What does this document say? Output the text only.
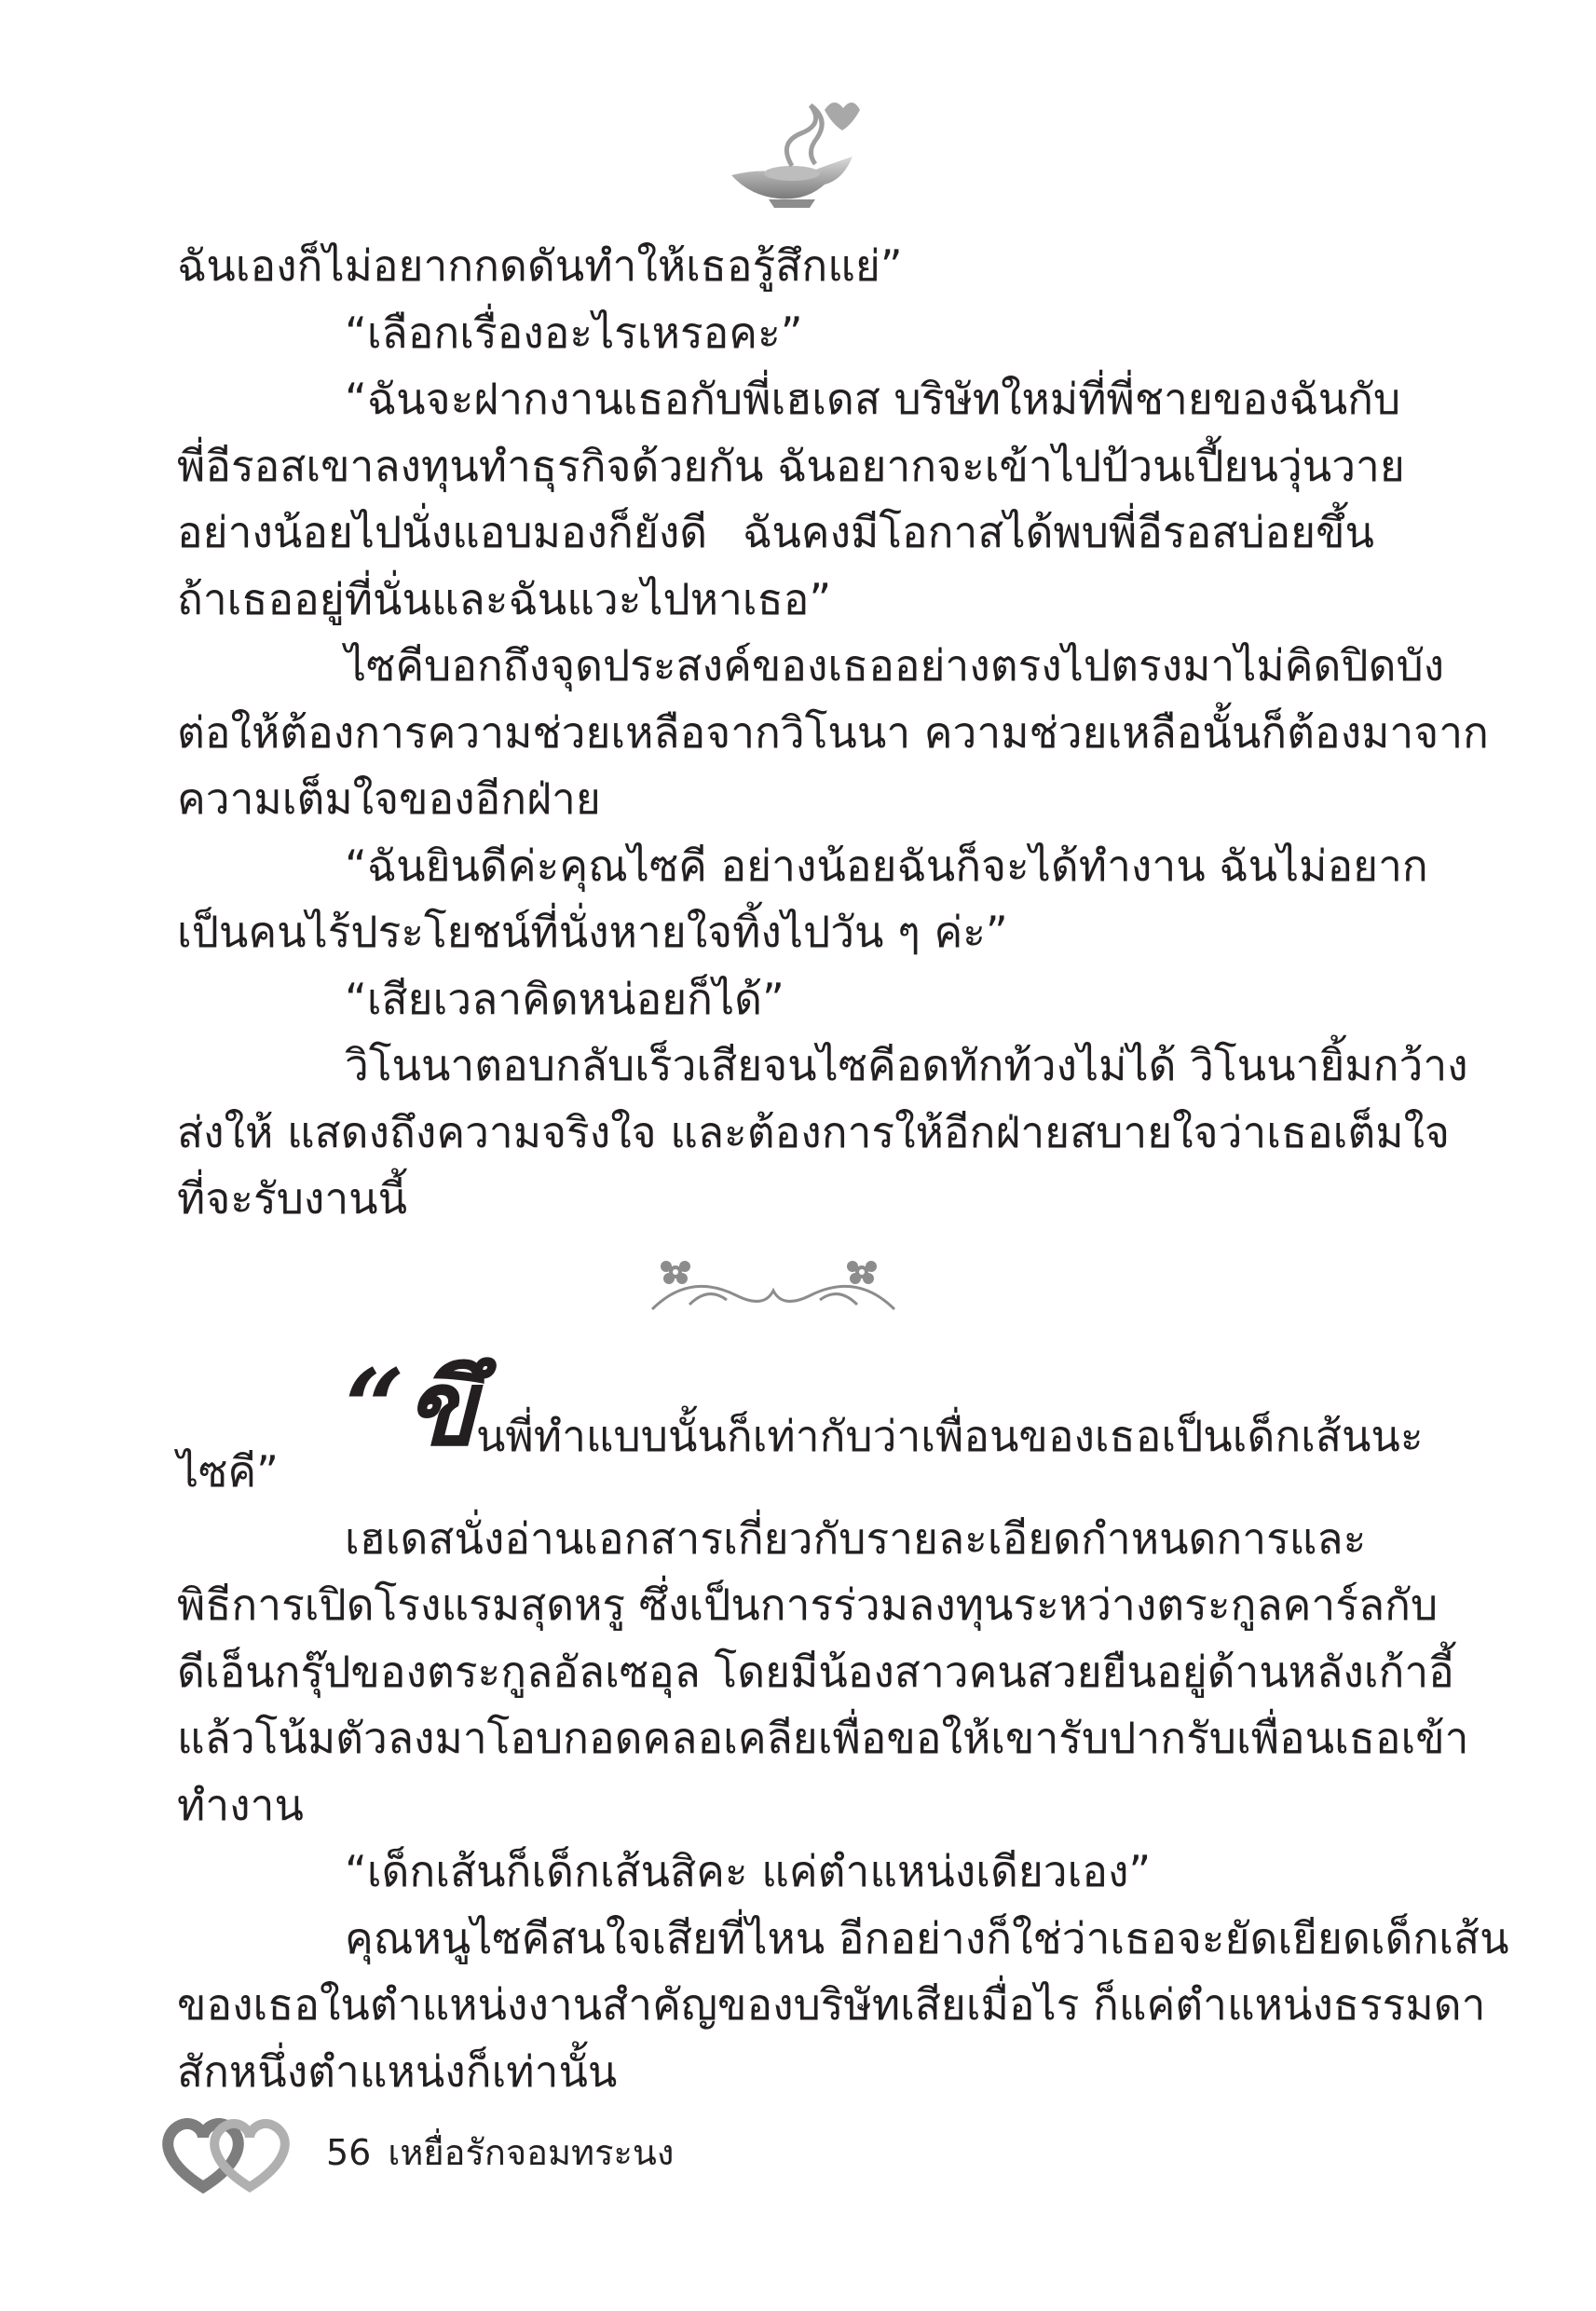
ฉันเองก็ไม่อยากกดดันทำให้เธอรู้สึกแย่”
“เลือกเรื่องอะไรเหรอคะ”
“ฉันจะฝากงานเธอกับพี่เฮเดส บริษัทใหม่ที่พี่ชายของฉันกับ
พี่อีรอสเขาลงทุนทำธุรกิจด้วยกัน ฉันอยากจะเข้าไปป้วนเปี้ยนวุ่นวาย
อย่างน้อยไปนั่งแอบมองก็ยังดี ฉันคงมีโอกาสได้พบพี่อีรอสบ่อยขึ้น
ถ้าเธออยู่ที่นั่นและฉันแวะไปหาเธอ”
ไซคีบอกถึงจุดประสงค์ของเธออย่างตรงไปตรงมาไม่คิดปิดบัง
ต่อให้ต้องการความช่วยเหลือจากวิโนนา ความช่วยเหลือนั้นก็ต้องมาจาก
ความเต็มใจของอีกฝ่าย
“ฉันยินดีค่ะคุณไซคี อย่างน้อยฉันก็จะได้ทำงาน ฉันไม่อยาก
เป็นคนไร้ประโยชน์ที่นั่งหายใจทิ้งไปวัน ๆ ค่ะ”
“เสียเวลาคิดหน่อยก็ได้”
วิโนนาตอบกลับเร็วเสียจนไซคีอดทักท้วงไม่ได้ วิโนนายิ้มกว้าง
ส่งให้ แสดงถึงความจริงใจ และต้องการให้อีกฝ่ายสบายใจว่าเธอเต็มใจ
ที่จะรับงานนี้
“ขึนพี่ทำแบบนั้นก็เท่ากับว่าเพื่อนของเธอเป็นเด็กเส้นนะ
ไซคี”
เฮเดสนั่งอ่านเอกสารเกี่ยวกับรายละเอียดกำหนดการและ
พิธีการเปิดโรงแรมสุดหรู ซึ่งเป็นการร่วมลงทุนระหว่างตระกูลคาร์ลกับ
ดีเอ็นกรุ๊ปของตระกูลอัลเซอุล โดยมีน้องสาวคนสวยยืนอยู่ด้านหลังเก้าอี้
แล้วโน้มตัวลงมาโอบกอดคลอเคลียเพื่อขอให้เขารับปากรับเพื่อนเธอเข้า
ทำงาน
“เด็กเส้นก็เด็กเส้นสิคะ แค่ตำแหน่งเดียวเอง”
คุณหนูไซคีสนใจเสียที่ไหน อีกอย่างก็ใช่ว่าเธอจะยัดเยียดเด็กเส้น
ของเธอในตำแหน่งงานสำคัญของบริษัทเสียเมื่อไร ก็แค่ตำแหน่งธรรมดา
สักหนึ่งตำแหน่งก็เท่านั้น
56 เหยื่อรักจอมทระนง
